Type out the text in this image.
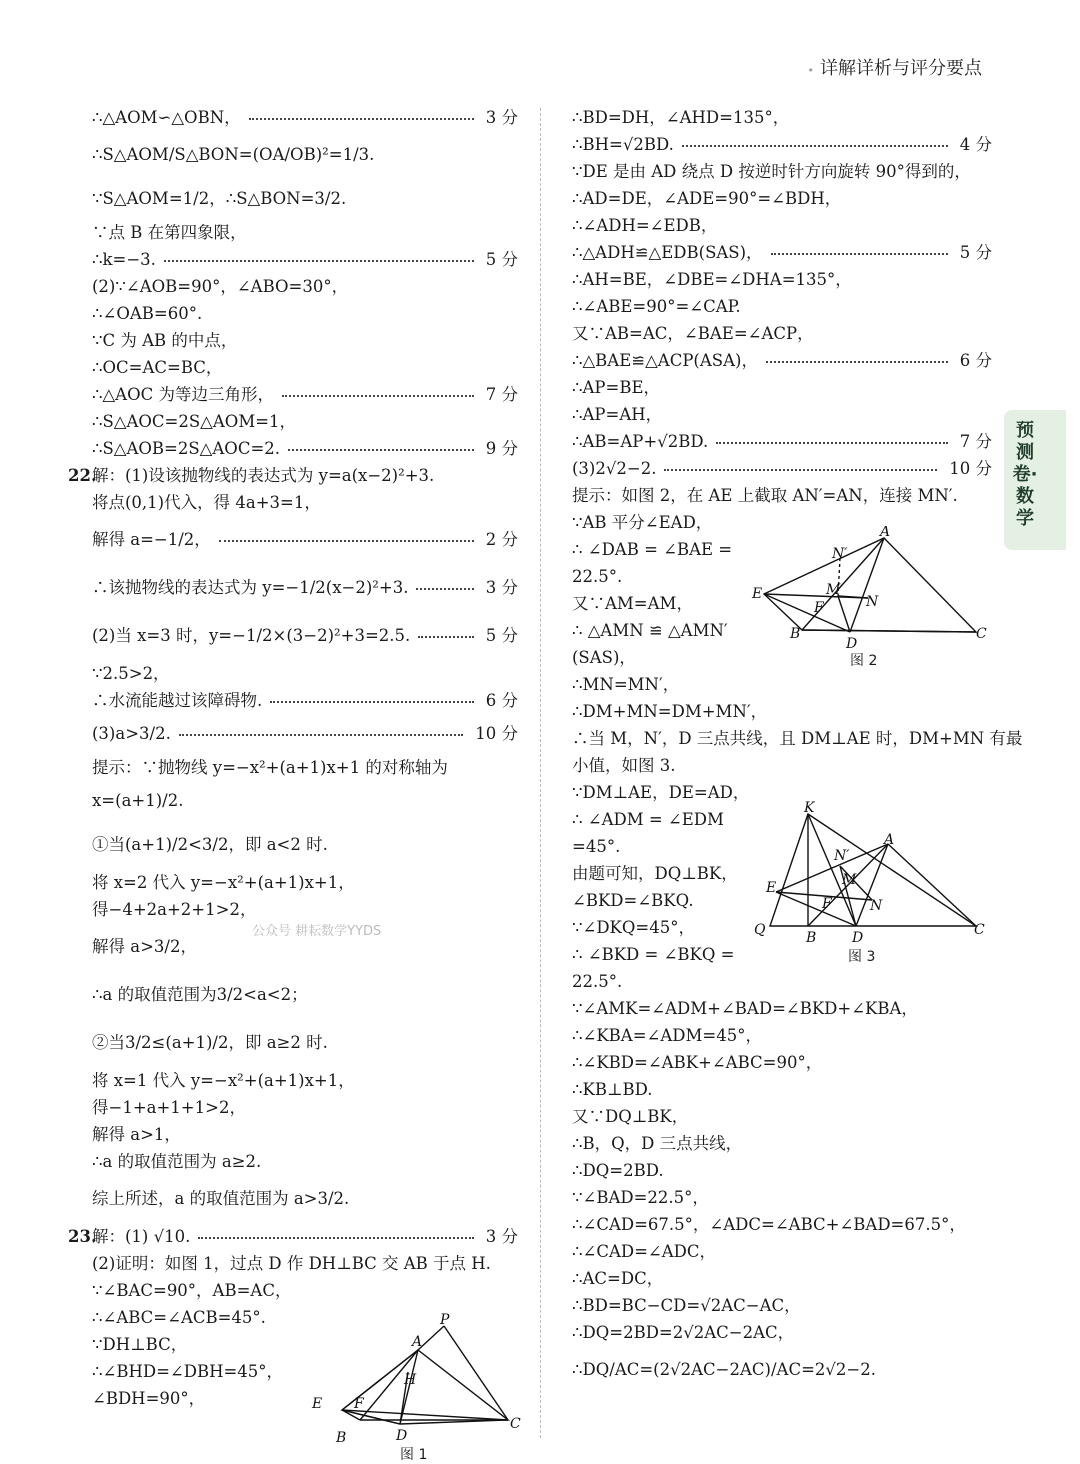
• 详解详析与评分要点
预测卷·数学
∴△AOM∽△OBN，	3 分
∴S△AOM/S△BON=(OA/OB)²=1/3.
∵S△AOM=1/2，∴S△BON=3/2.
∵点 B 在第四象限，
∴k=−3.	5 分
(2)∵∠AOB=90°，∠ABO=30°，
∴∠OAB=60°.
∵C 为 AB 的中点，
∴OC=AC=BC，
∴△AOC 为等边三角形，	7 分
∴S△AOC=2S△AOM=1，
∴S△AOB=2S△AOC=2.	9 分
22.
解：(1)设该抛物线的表达式为 y=a(x−2)²+3.
将点(0,1)代入，得 4a+3=1，
解得 a=−1/2，	2 分
∴该抛物线的表达式为 y=−1/2(x−2)²+3.	3 分
(2)当 x=3 时，y=−1/2×(3−2)²+3=2.5.	5 分
∵2.5>2，
∴水流能越过该障碍物.	6 分
(3)a>3/2.	10 分
提示：∵抛物线 y=−x²+(a+1)x+1 的对称轴为
x=(a+1)/2.
①当(a+1)/2<3/2，即 a<2 时.
将 x=2 代入 y=−x²+(a+1)x+1，
得−4+2a+2+1>2，
解得 a>3/2，
∴a 的取值范围为3/2<a<2；
②当3/2≤(a+1)/2，即 a≥2 时.
将 x=1 代入 y=−x²+(a+1)x+1，
得−1+a+1+1>2，
解得 a>1，
∴a 的取值范围为 a≥2.
综上所述，a 的取值范围为 a>3/2.
23.
解：(1) √10.	3 分
(2)证明：如图 1，过点 D 作 DH⊥BC 交 AB 于点 H.
∵∠BAC=90°，AB=AC，
∴∠ABC=∠ACB=45°.
∵DH⊥BC，
∴∠BHD=∠DBH=45°，
∠BDH=90°，
∴BD=DH，∠AHD=135°，
∴BH=√2BD.	4 分
∵DE 是由 AD 绕点 D 按逆时针方向旋转 90°得到的，
∴AD=DE，∠ADE=90°=∠BDH，
∴∠ADH=∠EDB，
∴△ADH≌△EDB(SAS)，	5 分
∴AH=BE，∠DBE=∠DHA=135°，
∴∠ABE=90°=∠CAP.
又∵AB=AC，∠BAE=∠ACP，
∴△BAE≌△ACP(ASA)，	6 分
∴AP=BE，
∴AP=AH，
∴AB=AP+√2BD.	7 分
(3)2√2−2.	10 分
提示：如图 2，在 AE 上截取 AN′=AN，连接 MN′.
∵AB 平分∠EAD，
∴ ∠DAB = ∠BAE =
22.5°.
又∵AM=AM，
∴ △AMN ≌ △AMN′
(SAS)，
∴MN=MN′，
∴DM+MN=DM+MN′，
∴当 M，N′，D 三点共线，且 DM⊥AE 时，DM+MN 有最
小值，如图 3.
∵DM⊥AE，DE=AD，
∴ ∠ADM = ∠EDM
=45°.
由题可知，DQ⊥BK，
∠BKD=∠BKQ.
∵∠DKQ=45°，
∴ ∠BKD = ∠BKQ =
22.5°.
∵∠AMK=∠ADM+∠BAD=∠BKD+∠KBA，
∴∠KBA=∠ADM=45°，
∴∠KBD=∠ABK+∠ABC=90°，
∴KB⊥BD.
又∵DQ⊥BK，
∴B，Q，D 三点共线，
∴DQ=2BD.
∵∠BAD=22.5°，
∴∠CAD=67.5°，∠ADC=∠ABC+∠BAD=67.5°，
∴∠CAD=∠ADC，
∴AC=DC，
∴BD=BC−CD=√2AC−AC，
∴DQ=2BD=2√2AC−2AC，
∴DQ/AC=(2√2AC−2AC)/AC=2√2−2.
公众号 耕耘数学YYDS
A
P
H
E F
B	D
C
图 1
A
N′
M
N
E
F
B
D
C
图 2
K
A
N′
M
N
E
F
Q	B	D	C
图 3
